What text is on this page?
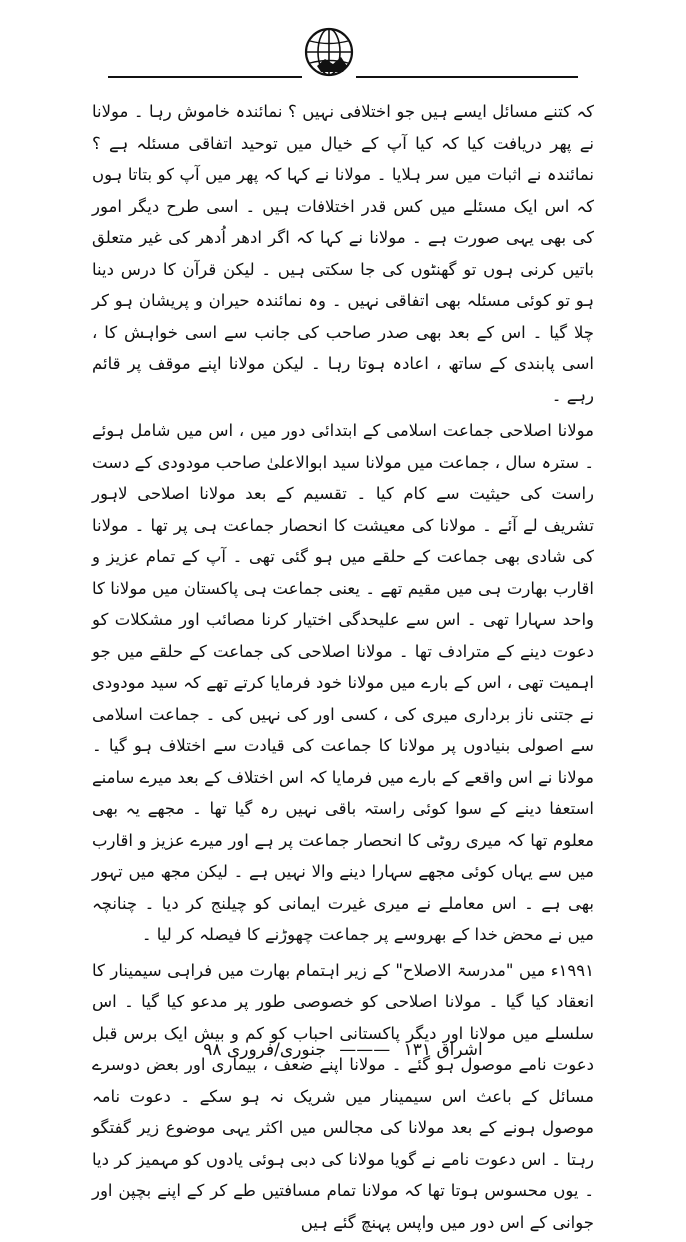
کہ کتنے مسائل ایسے ہیں جو اختلافی نہیں ؟ نمائندہ خاموش رہا ۔ مولانا نے پھر دریافت کیا کہ کیا آپ کے خیال میں توحید اتفاقی مسئلہ ہے ؟ نمائندہ نے اثبات میں سر ہلایا ۔ مولانا نے کہا کہ پھر میں آپ کو بتاتا ہوں کہ اس ایک مسئلے میں کس قدر اختلافات ہیں ۔ اسی طرح دیگر امور کی بھی یہی صورت ہے ۔ مولانا نے کہا کہ اگر ادھر اُدھر کی غیر متعلق باتیں کرنی ہوں تو گھنٹوں کی جا سکتی ہیں ۔ لیکن قرآن کا درس دینا ہو تو کوئی مسئلہ بھی اتفاقی نہیں ۔ وہ نمائندہ حیران و پریشان ہو کر چلا گیا ۔ اس کے بعد بھی صدر صاحب کی جانب سے اسی خواہش کا ، اسی پابندی کے ساتھ ، اعادہ ہوتا رہا ۔ لیکن مولانا اپنے موقف پر قائم رہے ۔

مولانا اصلاحی جماعت اسلامی کے ابتدائی دور میں ، اس میں شامل ہوئے ۔ سترہ سال ، جماعت میں مولانا سید ابوالاعلیٰ صاحب مودودی کے دست راست کی حیثیت سے کام کیا ۔ تقسیم کے بعد مولانا اصلاحی لاہور تشریف لے آئے ۔ مولانا کی معیشت کا انحصار جماعت ہی پر تھا ۔ مولانا کی شادی بھی جماعت کے حلقے میں ہو گئی تھی ۔ آپ کے تمام عزیز و اقارب بھارت ہی میں مقیم تھے ۔ یعنی جماعت ہی پاکستان میں مولانا کا واحد سہارا تھی ۔ اس سے علیحدگی اختیار کرنا مصائب اور مشکلات کو دعوت دینے کے مترادف تھا ۔ مولانا اصلاحی کی جماعت کے حلقے میں جو اہمیت تھی ، اس کے بارے میں مولانا خود فرمایا کرتے تھے کہ سید مودودی نے جتنی ناز برداری میری کی ، کسی اور کی نہیں کی ۔ جماعت اسلامی سے اصولی بنیادوں پر مولانا کا جماعت کی قیادت سے اختلاف ہو گیا ۔ مولانا نے اس واقعے کے بارے میں فرمایا کہ اس اختلاف کے بعد میرے سامنے استعفا دینے کے سوا کوئی راستہ باقی نہیں رہ گیا تھا ۔ مجھے یہ بھی معلوم تھا کہ میری روٹی کا انحصار جماعت پر ہے اور میرے عزیز و اقارب میں سے یہاں کوئی مجھے سہارا دینے والا نہیں ہے ۔ لیکن مجھ میں تہور بھی ہے ۔ اس معاملے نے میری غیرت ایمانی کو چیلنج کر دیا ۔ چنانچہ میں نے محض خدا کے بھروسے پر جماعت چھوڑنے کا فیصلہ کر لیا ۔

۱۹۹۱ء میں "مدرسۃ الاصلاح" کے زیر اہتمام بھارت میں فراہی سیمینار کا انعقاد کیا گیا ۔ مولانا اصلاحی کو خصوصی طور پر مدعو کیا گیا ۔ اس سلسلے میں مولانا اور دیگر پاکستانی احباب کو کم و بیش ایک برس قبل دعوت نامے موصول ہو گئے ۔ مولانا اپنے ضعف ، بیماری اور بعض دوسرے مسائل کے باعث اس سیمینار میں شریک نہ ہو سکے ۔ دعوت نامہ موصول ہونے کے بعد مولانا کی مجالس میں اکثر یہی موضوع زیر گفتگو رہتا ۔ اس دعوت نامے نے گویا مولانا کی دبی ہوئی یادوں کو مہمیز کر دیا ۔ یوں محسوس ہوتا تھا کہ مولانا تمام مسافتیں طے کر کے اپنے بچپن اور جوانی کے اس دور میں واپس پہنچ گئے ہیں

اشراق ۱۳۱ ——— جنوری/فروری ۹۸
